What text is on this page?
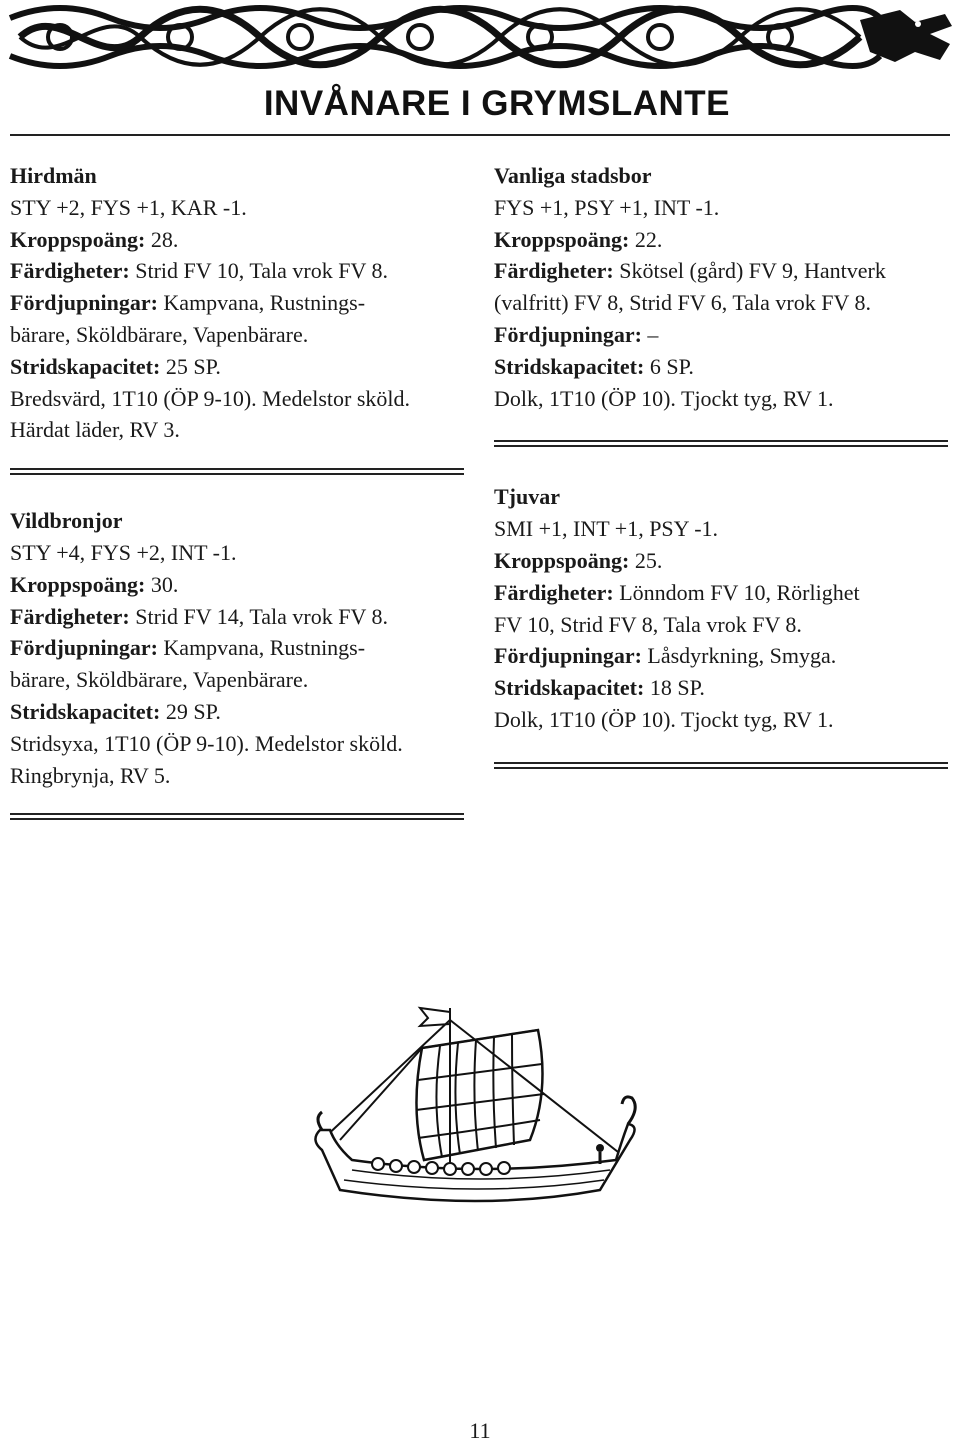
INVÅNARE I GRYMSLANTE
Hirdmän
STY +2, FYS +1, KAR -1.
Kroppspoäng: 28.
Färdigheter: Strid FV 10, Tala vrok FV 8.
Fördjupningar: Kampvana, Rustnings-
bärare, Sköldbärare, Vapenbärare.
Stridskapacitet: 25 SP.
Bredsvärd, 1T10 (ÖP 9-10). Medelstor sköld.
Härdat läder, RV 3.
Vildbronjor
STY +4, FYS +2, INT -1.
Kroppspoäng: 30.
Färdigheter: Strid FV 14, Tala vrok FV 8.
Fördjupningar: Kampvana, Rustnings-
bärare, Sköldbärare, Vapenbärare.
Stridskapacitet: 29 SP.
Stridsyxa, 1T10 (ÖP 9-10). Medelstor sköld.
Ringbrynja, RV 5.
Vanliga stadsbor
FYS +1, PSY +1, INT -1.
Kroppspoäng: 22.
Färdigheter: Skötsel (gård) FV 9, Hantverk
(valfritt) FV 8, Strid FV 6, Tala vrok FV 8.
Fördjupningar: –
Stridskapacitet: 6 SP.
Dolk, 1T10 (ÖP 10). Tjockt tyg, RV 1.
Tjuvar
SMI +1, INT +1, PSY -1.
Kroppspoäng: 25.
Färdigheter: Lönndom FV 10, Rörlighet
FV 10, Strid FV 8, Tala vrok FV 8.
Fördjupningar: Låsdyrkning, Smyga.
Stridskapacitet: 18 SP.
Dolk, 1T10 (ÖP 10). Tjockt tyg, RV 1.
11
